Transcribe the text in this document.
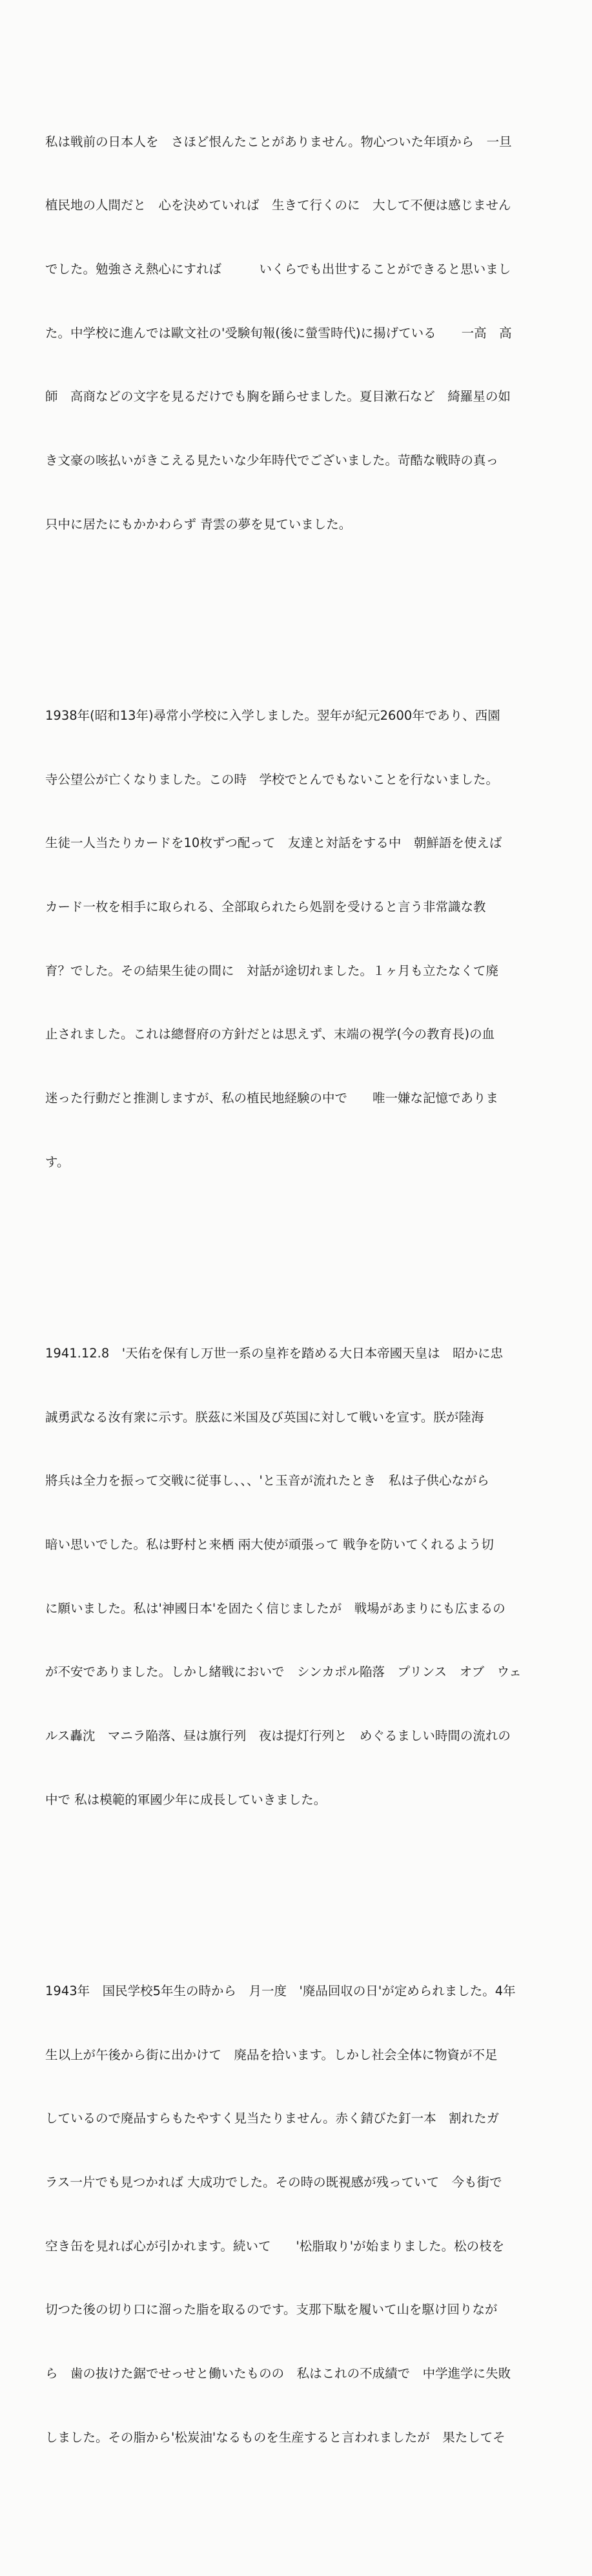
私は戦前の日本人を　さほど恨んたことがありません。物心ついた年頃から　一旦

植民地の人間だと　心を決めていれば　生きて行くのに　大して不便は感じません

でした。勉強さえ熱心にすれば　　　いくらでも出世することができると思いまし

た。中学校に進んでは歐文社の'受験旬報(後に螢雪時代)に揚げている　　一高　高

師　高商などの文字を見るだけでも胸を踊らせました。夏目漱石など　綺羅星の如

き文豪の咳払いがきこえる見たいな少年時代でございました。苛酷な戦時の真っ

只中に居たにもかかわらず 青雲の夢を見ていました。

1938年(昭和13年)尋常小学校に入学しました。翌年が紀元2600年であり、西園

寺公望公が亡くなりました。この時　学校でとんでもないことを行ないました。

生徒一人当たりカードを10枚ずつ配って　友達と対話をする中　朝鮮語を使えば

カード一枚を相手に取られる、全部取られたら処罰を受けると言う非常識な教

育？でした。その結果生徒の間に　対話が途切れました。１ヶ月も立たなくて廃

止されました。これは總督府の方針だとは思えず、末端の視学(今の教育長)の血

迷った行動だと推測しますが、私の植民地経験の中で　　唯一嫌な記憶でありま

す。

1941.12.8　'天佑を保有し万世一系の皇祚を踏める大日本帝國天皇は　昭かに忠

誠勇武なる汝有衆に示す。朕茲に米国及び英国に対して戦いを宣す。朕が陸海

將兵は全力を振って交戦に従事し、、、'と玉音が流れたとき　私は子供心ながら

暗い思いでした。私は野村と来栖 兩大使が頑張って 戦争を防いてくれるよう切

に願いました。私は'神國日本'を固たく信じましたが　戦場があまりにも広まるの

が不安でありました。しかし緒戦においで　シンカポル陥落　プリンス　オブ　ウェ

ルス轟沈　マニラ陥落、昼は旗行列　夜は提灯行列と　めぐるましい時間の流れの

中で 私は模範的軍國少年に成長していきました。

1943年　国民学校5年生の時から　月一度　'廃品回収の日'が定められました。4年

生以上が午後から街に出かけて　廃品を拾います。しかし社会全体に物資が不足

しているので廃品すらもたやすく見当たりません。赤く錆びた釘一本　割れたガ

ラス一片でも見つかれば 大成功でした。その時の既視感が残っていて　今も街で

空き缶を見れば心が引かれます。続いて　　'松脂取り'が始まりました。松の枝を

切つた後の切り口に溜った脂を取るのです。支那下駄を履いて山を駆け回りなが

ら　歯の抜けた鋸でせっせと働いたものの　私はこれの不成績で　中学進学に失敗

しました。その脂から'松炭油'なるものを生産すると言われましたが　果たしてそ
